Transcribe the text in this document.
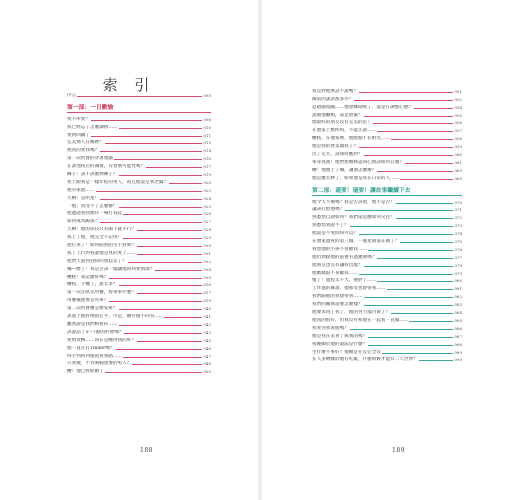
索 引
序言	005
第一部：一日歡愉
愛不所愛？	008
我已經忘了怎麼調情……	010
愛情回鍋了	011
完美情人在哪裡？	013
他真的愛我嗎？	014
第一次約會的穿著建議	016
在詠池夜店的調情，有發展可能性嗎？	017
褲子！該不該脫掉褲子？	019
愛上跟我是一樣年紀的男人，而且他還是我老闆？	020
他有家庭……	022
天啊！是明星！	024
「他」真受不了怎麼辦？	025
他邀請我到他住一場打我起	026
如何成為鯨魚？	027
天啊！他的床技只有兩下就不行？	028
我上了他，他完全不記得！	029
他打來了！如何面對陌生不對勁？	030
我丁上行對我說他是真的愛上……	031
他們天就到到你的想起去了？	032
哦—醉了！我是否該一樣讓他回到愛情深？	034
糟糕！我這麼好嗎？	035
糟糕，手機了，說太多？	036
第一次在臥室用餐，將帶來什麼？	037
用餐後他要去買單？	039
第二次約會應怎麼安排？	040
表面上他好像很在乎，可是，總有個不回答……	041
雖然說是我們相看你……	042
該說話了5～7點的約會嗎？	043
愛情攻略……同在是總得我的好？	045
他一直在打Tinder嗎？	046
得手到回到他的愛我路……	047
只我變，不肯兩個想要的男人？	048
糟！他已經結婚了	050
188
我是對他無話不說嗎？	051
閱前的談話都多少？	052
這趟越境隨……他想娜間吸了，還是在調整心態？	054
說服他離婚，還是放棄？	055
他最好的朋友沒有完美的是！	056
在他家上廁所時，不能正說……	057
糟糕，在他家裡，他點點不在附近……	058
他是我的營業開我了？	059
沒了丈夫，該如何應對？	060
單身真羨！他們想哪裡認同心情該如何自處？	061
糟！他變上了嘛，讓他怎麼辦？	063
他這麼太棒了，如果他是我在日常的人……	065
第二部：還要！還要！讓故事繼續下去
他今天不換嗎？我是否該放，他不是否？	070
讓該打給他嗎？	071
熟悉悟自說如何？我們還是應如何交往？	072
熟悉悟到說不了？	073
他還是不愛問得可以？	074
在他家過夜的第三個，一個星期還在做了？	075
我想他的小孩不喜歡我……	076
他仍然跟他的前妻有過遲迴嗎？	077
他朋友也沒有讓我出現？	078
他媽媽很不喜歡我……	079
懷了！過程太不大，變胖了……	080
工作過的麻煩，他那受也會帶我……	081
我們跟他的我想帶到……	082
我們的關係還要怎麼樣？	083
他要求再了我了，他的努力都白費了？	084
他真的很好，但我沒有和他在一起我一直做……	085
我愛你我愛他嗎？	086
他是我在去買了與我的嗎？	087
夜晚關於他的說法是什麼？	088
生什麼不事好？他總是在沒完全沒	089
在人多嘈雜的地方吃飯，什麼時候才能有二人世界？	090
189
